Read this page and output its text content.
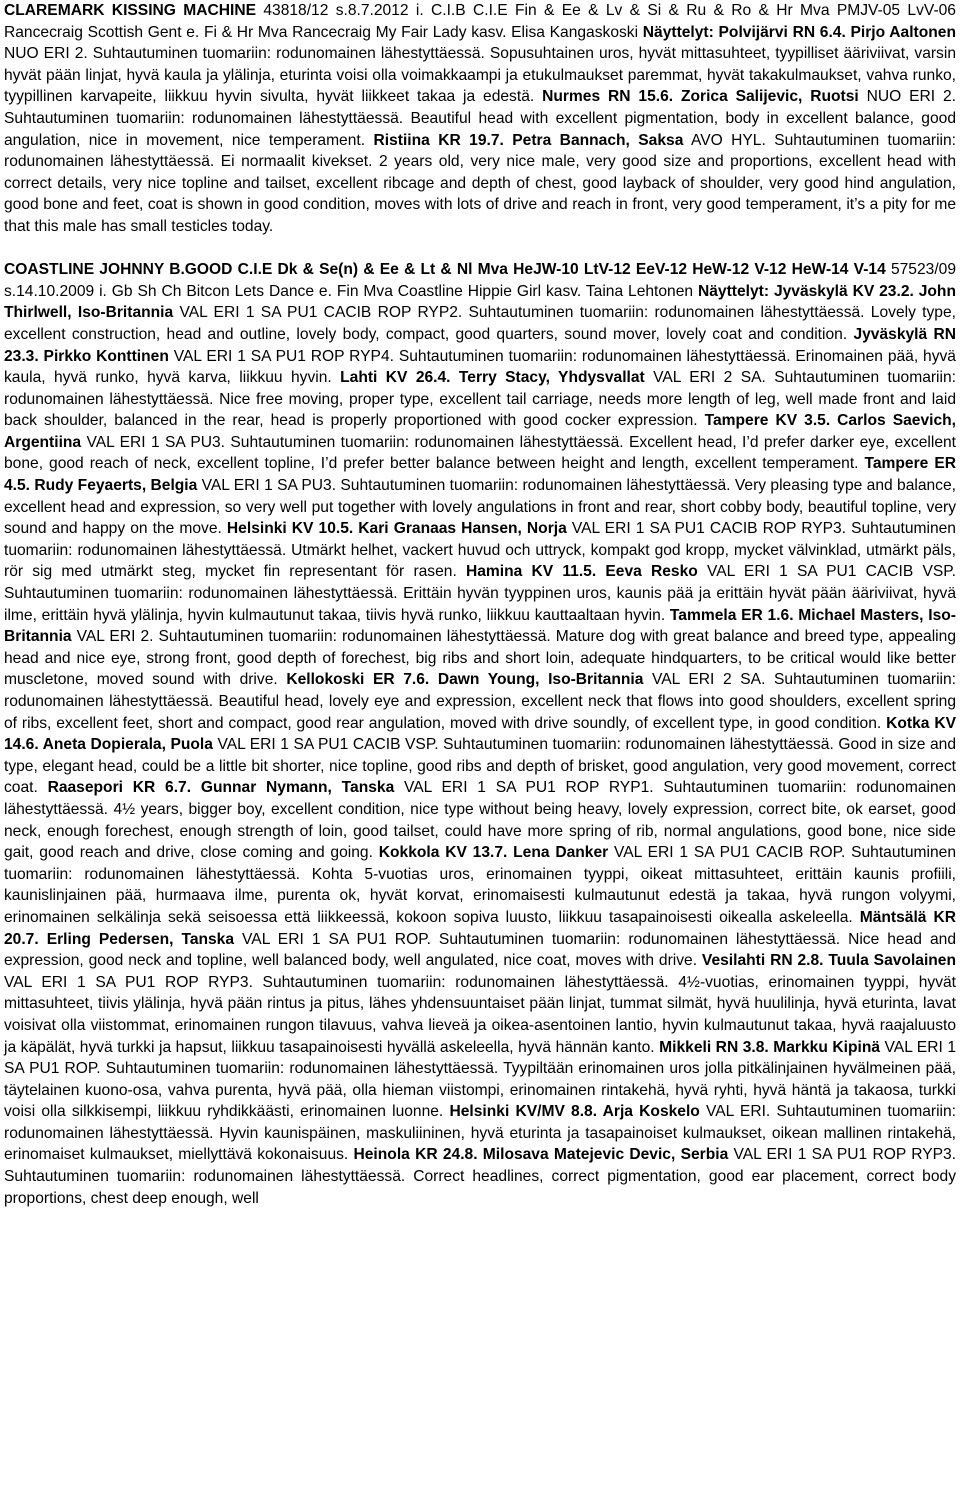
CLAREMARK KISSING MACHINE 43818/12 s.8.7.2012 i. C.I.B C.I.E Fin & Ee & Lv & Si & Ru & Ro & Hr Mva PMJV-05 LvV-06 Rancecraig Scottish Gent e. Fi & Hr Mva Rancecraig My Fair Lady kasv. Elisa Kangaskoski Näyttelyt: Polvijärvi RN 6.4. Pirjo Aaltonen NUO ERI 2. Suhtautuminen tuomariin: rodunomainen lähestyttäessä. Sopusuhtainen uros, hyvät mittasuhteet, tyypilliset ääriviivat, varsin hyvät pään linjat, hyvä kaula ja ylälinja, eturinta voisi olla voimakkaampi ja etukulmaukset paremmat, hyvät takakulmaukset, vahva runko, tyypillinen karvapeite, liikkuu hyvin sivulta, hyvät liikkeet takaa ja edestä. Nurmes RN 15.6. Zorica Salijevic, Ruotsi NUO ERI 2. Suhtautuminen tuomariin: rodunomainen lähestyttäessä. Beautiful head with excellent pigmentation, body in excellent balance, good angulation, nice in movement, nice temperament. Ristiina KR 19.7. Petra Bannach, Saksa AVO HYL. Suhtautuminen tuomariin: rodunomainen lähestyttäessä. Ei normaalit kivekset. 2 years old, very nice male, very good size and proportions, excellent head with correct details, very nice topline and tailset, excellent ribcage and depth of chest, good layback of shoulder, very good hind angulation, good bone and feet, coat is shown in good condition, moves with lots of drive and reach in front, very good temperament, it’s a pity for me that this male has small testicles today.

COASTLINE JOHNNY B.GOOD C.I.E Dk & Se(n) & Ee & Lt & Nl Mva HeJW-10 LtV-12 EeV-12 HeW-12 V-12 HeW-14 V-14 57523/09 s.14.10.2009 i. Gb Sh Ch Bitcon Lets Dance e. Fin Mva Coastline Hippie Girl kasv. Taina Lehtonen Näyttelyt: Jyväskylä KV 23.2. John Thirlwell, Iso-Britannia VAL ERI 1 SA PU1 CACIB ROP RYP2. Suhtautuminen tuomariin: rodunomainen lähestyttäessä. Lovely type, excellent construction, head and outline, lovely body, compact, good quarters, sound mover, lovely coat and condition. Jyväskylä RN 23.3. Pirkko Konttinen VAL ERI 1 SA PU1 ROP RYP4. Suhtautuminen tuomariin: rodunomainen lähestyttäessä. Erinomainen pää, hyvä kaula, hyvä runko, hyvä karva, liikkuu hyvin. Lahti KV 26.4. Terry Stacy, Yhdysvallat VAL ERI 2 SA. Suhtautuminen tuomariin: rodunomainen lähestyttäessä. Nice free moving, proper type, excellent tail carriage, needs more length of leg, well made front and laid back shoulder, balanced in the rear, head is properly proportioned with good cocker expression. Tampere KV 3.5. Carlos Saevich, Argentiina VAL ERI 1 SA PU3. Suhtautuminen tuomariin: rodunomainen lähestyttäessä. Excellent head, I’d prefer darker eye, excellent bone, good reach of neck, excellent topline, I’d prefer better balance between height and length, excellent temperament. Tampere ER 4.5. Rudy Feyaerts, Belgia VAL ERI 1 SA PU3. Suhtautuminen tuomariin: rodunomainen lähestyttäessä. Very pleasing type and balance, excellent head and expression, so very well put together with lovely angulations in front and rear, short cobby body, beautiful topline, very sound and happy on the move. Helsinki KV 10.5. Kari Granaas Hansen, Norja VAL ERI 1 SA PU1 CACIB ROP RYP3. Suhtautuminen tuomariin: rodunomainen lähestyttäessä. Utmärkt helhet, vackert huvud och uttryck, kompakt god kropp, mycket välvinklad, utmärkt päls, rör sig med utmärkt steg, mycket fin representant för rasen. Hamina KV 11.5. Eeva Resko VAL ERI 1 SA PU1 CACIB VSP. Suhtautuminen tuomariin: rodunomainen lähestyttäessä. Erittäin hyvän tyyppinen uros, kaunis pää ja erittäin hyvät pään ääriviivat, hyvä ilme, erittäin hyvä ylälinja, hyvin kulmautunut takaa, tiivis hyvä runko, liikkuu kauttaaltaan hyvin. Tammela ER 1.6. Michael Masters, Iso-Britannia VAL ERI 2. Suhtautuminen tuomariin: rodunomainen lähestyttäessä. Mature dog with great balance and breed type, appealing head and nice eye, strong front, good depth of forechest, big ribs and short loin, adequate hindquarters, to be critical would like better muscletone, moved sound with drive. Kellokoski ER 7.6. Dawn Young, Iso-Britannia VAL ERI 2 SA. Suhtautuminen tuomariin: rodunomainen lähestyttäessä. Beautiful head, lovely eye and expression, excellent neck that flows into good shoulders, excellent spring of ribs, excellent feet, short and compact, good rear angulation, moved with drive soundly, of excellent type, in good condition. Kotka KV 14.6. Aneta Dopierala, Puola VAL ERI 1 SA PU1 CACIB VSP. Suhtautuminen tuomariin: rodunomainen lähestyttäessä. Good in size and type, elegant head, could be a little bit shorter, nice topline, good ribs and depth of brisket, good angulation, very good movement, correct coat. Raasepori KR 6.7. Gunnar Nymann, Tanska VAL ERI 1 SA PU1 ROP RYP1. Suhtautuminen tuomariin: rodunomainen lähestyttäessä. 4½ years, bigger boy, excellent condition, nice type without being heavy, lovely expression, correct bite, ok earset, good neck, enough forechest, enough strength of loin, good tailset, could have more spring of rib, normal angulations, good bone, nice side gait, good reach and drive, close coming and going. Kokkola KV 13.7. Lena Danker VAL ERI 1 SA PU1 CACIB ROP. Suhtautuminen tuomariin: rodunomainen lähestyttäessä. Kohta 5-vuotias uros, erinomainen tyyppi, oikeat mittasuhteet, erittäin kaunis profiili, kaunislinjainen pää, hurmaava ilme, purenta ok, hyvät korvat, erinomaisesti kulmautunut edestä ja takaa, hyvä rungon volyymi, erinomainen selkälinja sekä seisoessa että liikkeessä, kokoon sopiva luusto, liikkuu tasapainoisesti oikealla askeleella. Mäntsälä KR 20.7. Erling Pedersen, Tanska VAL ERI 1 SA PU1 ROP. Suhtautuminen tuomariin: rodunomainen lähestyttäessä. Nice head and expression, good neck and topline, well balanced body, well angulated, nice coat, moves with drive. Vesilahti RN 2.8. Tuula Savolainen VAL ERI 1 SA PU1 ROP RYP3. Suhtautuminen tuomariin: rodunomainen lähestyttäessä. 4½-vuotias, erinomainen tyyppi, hyvät mittasuhteet, tiivis ylälinja, hyvä pään rintus ja pitus, lähes yhdensuuntaiset pään linjat, tummat silmät, hyvä huulilinja, hyvä eturinta, lavat voisivat olla viistommat, erinomainen rungon tilavuus, vahva lieveä ja oikea-asentoinen lantio, hyvin kulmautunut takaa, hyvä raajaluusto ja käpälät, hyvä turkki ja hapsut, liikkuu tasapainoisesti hyvällä askeleella, hyvä hännän kanto. Mikkeli RN 3.8. Markku Kipinä VAL ERI 1 SA PU1 ROP. Suhtautuminen tuomariin: rodunomainen lähestyttäessä. Tyypiltään erinomainen uros jolla pitkälinjainen hyvälmeinen pää, täytelainen kuono-osa, vahva purenta, hyvä pää, olla hieman viistompi, erinomainen rintakehä, hyvä ryhti, hyvä häntä ja takaosa, turkki voisi olla silkkisempi, liikkuu ryhdikkäästi, erinomainen luonne. Helsinki KV/MV 8.8. Arja Koskelo VAL ERI. Suhtautuminen tuomariin: rodunomainen lähestyttäessä. Hyvin kaunispäinen, maskuliininen, hyvä eturinta ja tasapainoiset kulmaukset, oikean mallinen rintakehä, erinomaiset kulmaukset, miellyttävä kokonaisuus. Heinola KR 24.8. Milosava Matejevic Devic, Serbia VAL ERI 1 SA PU1 ROP RYP3. Suhtautuminen tuomariin: rodunomainen lähestyttäessä. Correct headlines, correct pigmentation, good ear placement, correct body proportions, chest deep enough, well
